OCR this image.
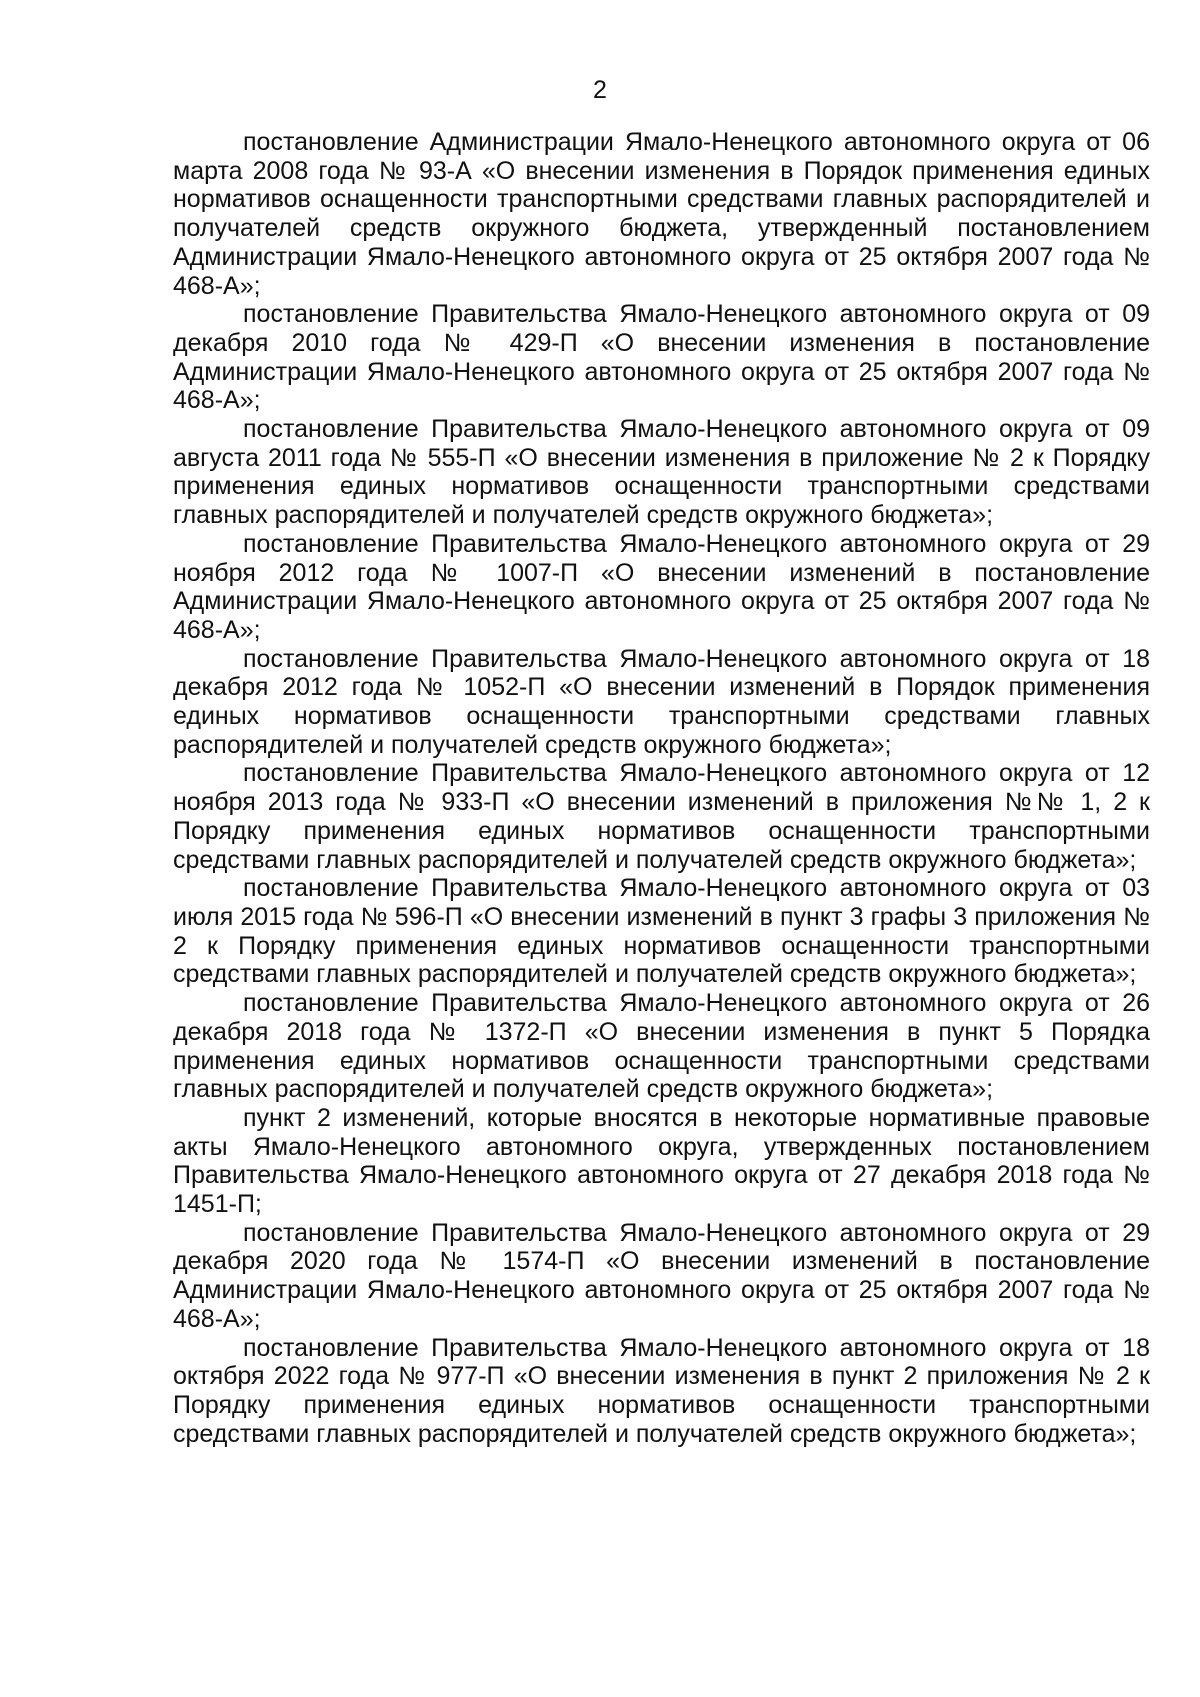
2

постановление Администрации Ямало-Ненецкого автономного округа от 06 марта 2008 года № 93-А «О внесении изменения в Порядок применения единых нормативов оснащенности транспортными средствами главных распорядителей и получателей средств окружного бюджета, утвержденный постановлением Администрации Ямало-Ненецкого автономного округа от 25 октября 2007 года № 468-А»;

постановление Правительства Ямало-Ненецкого автономного округа от 09 декабря 2010 года № 429-П «О внесении изменения в постановление Администрации Ямало-Ненецкого автономного округа от 25 октября 2007 года № 468-А»;

постановление Правительства Ямало-Ненецкого автономного округа от 09 августа 2011 года № 555-П «О внесении изменения в приложение № 2 к Порядку применения единых нормативов оснащенности транспортными средствами главных распорядителей и получателей средств окружного бюджета»;

постановление Правительства Ямало-Ненецкого автономного округа от 29 ноября 2012 года № 1007-П «О внесении изменений в постановление Администрации Ямало-Ненецкого автономного округа от 25 октября 2007 года № 468-А»;

постановление Правительства Ямало-Ненецкого автономного округа от 18 декабря 2012 года № 1052-П «О внесении изменений в Порядок применения единых нормативов оснащенности транспортными средствами главных распорядителей и получателей средств окружного бюджета»;

постановление Правительства Ямало-Ненецкого автономного округа от 12 ноября 2013 года № 933-П «О внесении изменений в приложения №№ 1, 2 к Порядку применения единых нормативов оснащенности транспортными средствами главных распорядителей и получателей средств окружного бюджета»;

постановление Правительства Ямало-Ненецкого автономного округа от 03 июля 2015 года № 596-П «О внесении изменений в пункт 3 графы 3 приложения № 2 к Порядку применения единых нормативов оснащенности транспортными средствами главных распорядителей и получателей средств окружного бюджета»;

постановление Правительства Ямало-Ненецкого автономного округа от 26 декабря 2018 года № 1372-П «О внесении изменения в пункт 5 Порядка применения единых нормативов оснащенности транспортными средствами главных распорядителей и получателей средств окружного бюджета»;

пункт 2 изменений, которые вносятся в некоторые нормативные правовые акты Ямало-Ненецкого автономного округа, утвержденных постановлением Правительства Ямало-Ненецкого автономного округа от 27 декабря 2018 года № 1451-П;

постановление Правительства Ямало-Ненецкого автономного округа от 29 декабря 2020 года № 1574-П «О внесении изменений в постановление Администрации Ямало-Ненецкого автономного округа от 25 октября 2007 года № 468-А»;

постановление Правительства Ямало-Ненецкого автономного округа от 18 октября 2022 года № 977-П «О внесении изменения в пункт 2 приложения № 2 к Порядку применения единых нормативов оснащенности транспортными средствами главных распорядителей и получателей средств окружного бюджета»;
